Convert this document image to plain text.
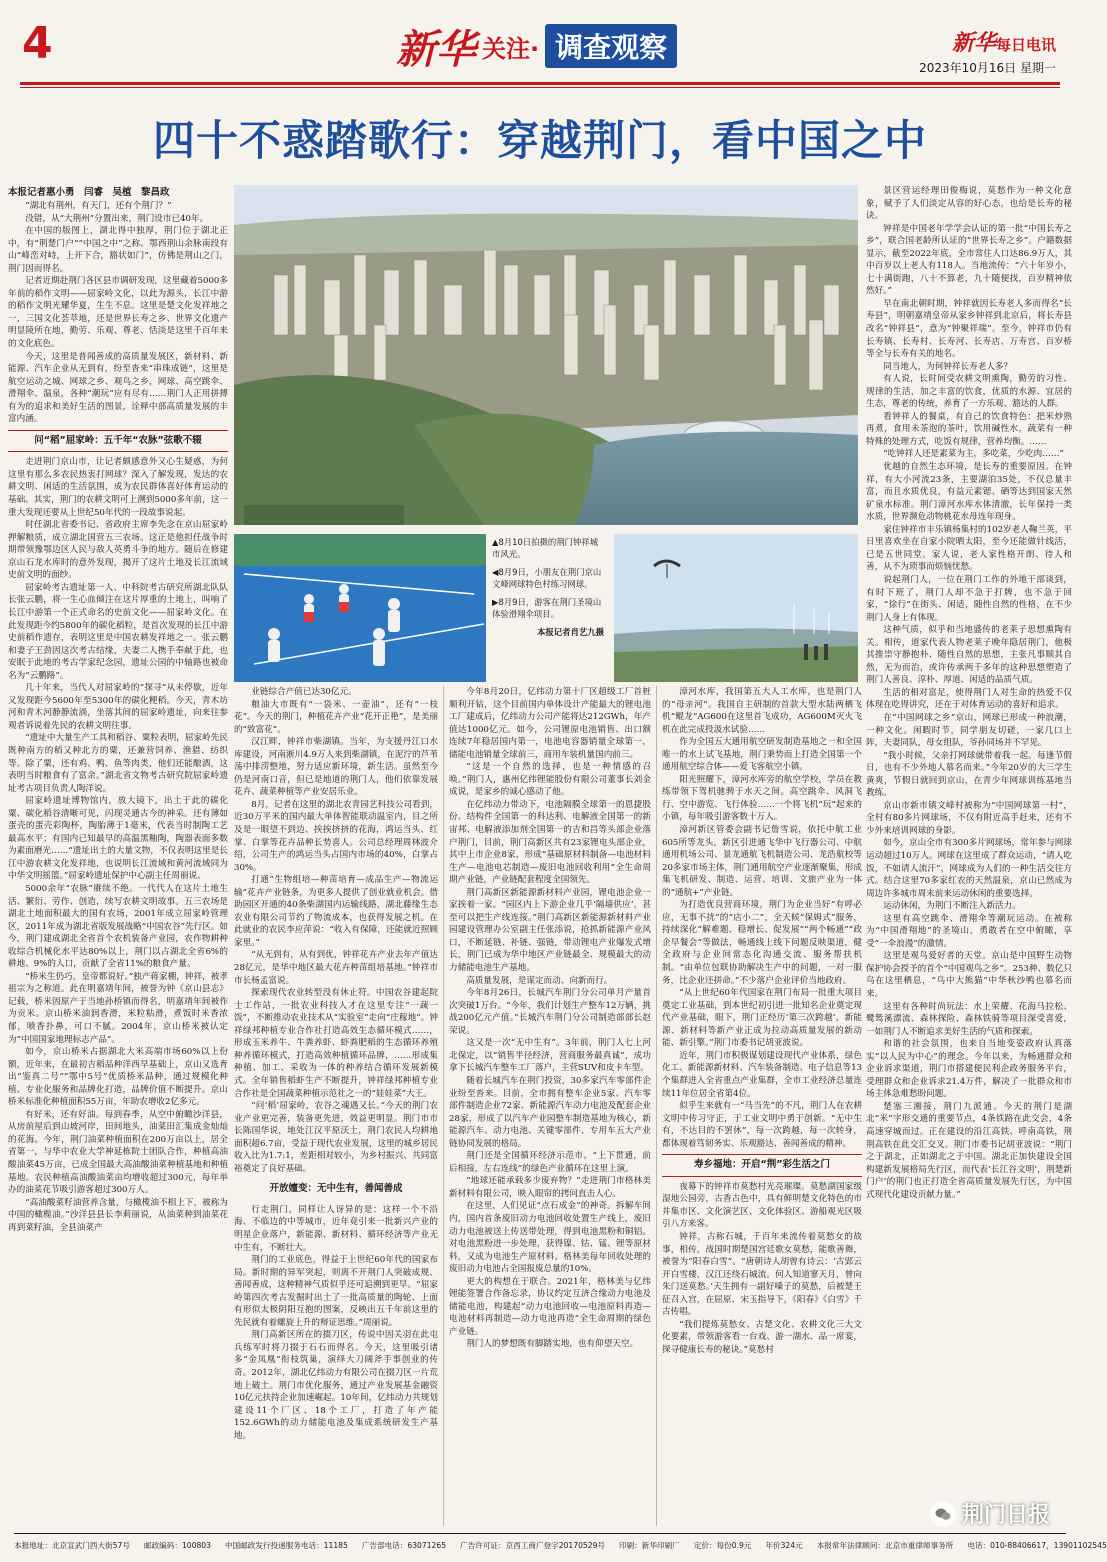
4	新华 关注· 调查观察	新华每日电讯
2023年10月16日 星期一
四十不惑踏歌行：穿越荆门，看中国之中
本报记者惠小勇　闫睿　吴植　黎昌政

“湖北有荆州，有天门，还有个荆门？”

没错，从“大荆州”分置出来，荆门设市已40年。

在中国的版图上，湖北得中独厚，荆门位于湖北正中，有“荆楚门户”“中国之中”之称。鄂西荆山余脉南段有山“峰峦对峙，上开下合，豁状如门”，仿佛是荆山之门，荆门因而得名。

记者近期赴荆门各区县市调研发现，这里藏着5000多年前的稻作文明——屈家岭文化，以此为源头，长江中游的稻作文明光耀华夏，生生不息。这里是楚文化发祥地之一，三国文化荟萃地，还是世界长寿之乡、世界文化遗产明显陵所在地，勤劳、乐观、尊老、恬淡是这里千百年来的文化底色。

今天，这里是普闻善成的高质量发展区，新材料、新能源、汽车企业从无到有，纷至沓来“串珠成链”，这里是航空运动之城、网球之乡、观鸟之乡，网球、高空跳伞、滑翔伞、温泉，各种“潮玩”应有尽有……荆门人正用拼搏有为的追求和美好生活的图景，诠释中部高质量发展的丰富内涵。

问“稻”屈家岭：五千年“农脉”弦歌不辍

走进荆门京山市，让记者颇感意外又心生疑惑，为何这里有那么多农民热衷打网球？深入了解发现，发达的农耕文明、闲适的生活氛围，成为农民群体喜好体育运动的基础。其实，荆门的农耕文明可上溯到5000多年前，这一重大发现还要从上世纪50年代的一段故事说起。

时任湖北省委书记、省政府主席李先念在京山屈家岭押解粮质，成立湖北国营五三农场。这正是他担任战争时期带领豫鄂边区人民与敌人英勇斗争的地方。随后在修建京山石龙水库时的意外发现，揭开了这片土地及长江流域史前文明的面纱。

屈家岭考古遗址第一人、中科院考古研究所湖北队队长张云鹏，将一生心血倾注在这片厚重的土地上，叫响了长江中游第一个正式命名的史前文化——屈家岭文化。在此发现距今约5800年的碳化稻粒，是首次发现的长江中游史前稻作遗存，表明这里是中国农耕发祥地之一。张云鹏和妻子王劲因这次考古结缘，夫妻二人携手奉献于此，也安眠于此地的考古学家纪念园，遗址公园的中轴路也被命名为“云鹏路”。

几十年来，当代人对屈家岭的“探寻”从未停歇，近年又发现距今5600年至5300年的碳化粳稻。今天，青木坊河和青木河静静流淌，坐落其间的屈家岭遗址，向来往参观者诉说着先民的农耕文明往事。

“遗址中大量生产工具和稻谷、粟粒表明，屈家岭先民既种南方的稻又种北方的粟，还兼营饲养、渔猎、纺织等。除了粟，还有鸡、鸭、鱼等肉类，他们还能酿酒，这表明当时粮食有了富余。”湖北省文物考古研究院屈家岭遗址考古项目负责人陶洋说。

屈家岭遗址博物馆内，放大镜下，出土于此的碳化粟、碳化稻谷清晰可见，闪现灵通古今的神采。还有薄如蛋壳的蛋壳彩陶杯，陶胎薄于1毫米，代表当时制陶工艺最高水平；有国内已知最早的高温黑釉陶，陶器表面多数为素面磨光……“遗址出土的大量文物，不仅表明这里是长江中游农耕文化发祥地，也说明长江流域和黄河流域同为中华文明摇篮。”屈家岭遗址保护中心副主任周丽说。

5000余年“农脉”赓续不绝。一代代人在这片土地生活、繁衍、劳作、创造，续写农耕文明故事。五三农场是湖北土地面积最大的国有农场，2001年成立屈家岭管理区，2011年成为湖北省版发展战略“中国农谷”先行区。如今，荆门建成湖北全省首个农机装备产业园，农作物耕种收综合机械化水平达80%以上，荆门以占湖北全省6%的耕地、9%的人口，贡献了全省11%的粮食产量。

“桥米生仍巧，皇帝都说好。”独产蒋家棚，钟祥，被孝祖宗为之称道。此在明嘉靖年间，被誉为钟《京山县志》记载，桥米因原产于当地孙桥镇而得名，明嘉靖年间被作为贡米。京山桥米油润香滑，米粒粘滑，煮饭时米香浓郁，喷香扑鼻，可口不腻。2004年，京山桥米被认定为“中国国家地理标志产品”。

如今，京山桥米占据湖北大米高端市场60%以上份额，近年来，在最初吉稻品种洋西早基础上，京山又选育出“鉴真二号”“鄂中5号”优质桥米品种，通过规模化种植、专业化服务和品牌化打造，品牌价值不断提升。京山桥米标准化种植面积55万亩，年助农增收2亿多元。

有好米，还有好油。每到春季，从空中俯瞰沙洋县，从房前屋后到山坡河岸，田间地头，油菜田汇集成金灿灿的花海。今年，荆门油菜种植面积在200万亩以上，居全省第一，与华中农业大学神延栋院士团队合作，种植高油酸油菜45万亩，已成全国最大高油酸油菜种植基地和种植基地。农民种植高油酸油菜亩均增收超过300元，每年举办的油菜花节吸引游客超过300万人。

“高油酸菜籽油营养含量，与橄榄油不相上下，被称为中国的橄榄油。”沙洋县县长李莉丽说，从油菜种到油菜花再到菜籽油，全县油菜产

▲8月10日拍摄的荆门钟祥城市风光。
◀8月9日，小朋友在荆门京山文峰网球特色村练习网球。
▶8月9日，游客在荆门圣境山体验滑翔伞项目。
本报记者肖艺九摄

业链综合产值已达30亿元。

粮油大市既有“一袋米、一壶油”，还有“一枝花”。今天的荆门，种植花卉产业“花开正艳”，是美丽的“致富花”。

汉江畔，钟祥市柴湖镇。当年，为支援丹江口水库建设，河南淅川4.9万人来到柴湖镇，在泥泞的芦苇荡中排涝整地，努力适应新环境，新生活。虽然至今仍是河南口音，但已是地道的荆门人，他们依靠发展花卉、蔬菜种植等产业安居乐业。

8月，记者在这里的湖北农青园艺科技公司看到，近30万平米的国内最大单体智能联动温室内，目之所及是一眼望不到边、挨挨挤挤的花海，鸿运当头、红掌、白掌等花卉品种长势喜人。公司总经理周林波介绍，公司生产的鸿运当头占国内市场的40%，白掌占30%。

打通“生物组培—种苗培育—成品生产—物流运输”花卉产业链条，为更多人提供了创业就业机会。借助园区开通的40条柴湖国内运输线路，湖北藤缘生态农业有限公司节约了物流成本，也获得发展之机。在此就业的农民李应萍说：“收入有保障，还能就近照顾家里。”

“从无到有，从有到优，钟祥花卉产业去年产值达28亿元，是华中地区最大花卉种苗组培基地。”钟祥市市长杨孟富说。

探索现代农业转型没有休止符。中国农谷建起院士工作站，一批农业科技人才在这里专注“一蔬一饭”，不断推动农业技术从“实验室”走向“庄稼地”。钟祥绿邦种植专业合作社打造高效生态循环模式……，形成玉米养牛、牛粪养虾、虾粪肥稻的生态循环养殖种养循环模式，打造高效种植循环品牌，……形成集种植、加工、采收为一体的种养结合循环发展新模式。全年销售稻虾生产不断提升，钟祥绿邦种植专业合作社是全国蔬菜种植示范社之一的“娃娃菜”大王。

“问‘稻’屈家岭，农谷之魂遇又长。”今天的荆门农业产业更完善，装备更先进，效益更明显。荆门市市长陈国华说，地处江汉平原沃土，荆门农民人均耕地面积超6.7亩，受益于现代农业发展，这里的城乡居民收入比为1.7:1，差距相对较小，为乡村振兴、共同富裕奠定了良好基础。

开放嬗变：无中生有，善闻善成

行走荆门，同样让人讶异的是：这样一个不沿海、不临边的中等城市，近年竟引来一批新兴产业的明星企业落户，新能源、新材料、循环经济等产业无中生有，不断壮大。

荆门的工业底色，得益于上世纪60年代的国家布局。新时期的异军突起，则离不开荆门人突破成规、善闻善成，这种精神气质似乎还可追溯到更早。“屈家岭第四次考古发掘时出土了一批高质量的陶轮、上面有形似太极阴阳互抱的图案，反映出五千年前这里的先民就有着螺旋上升的辩证思维。”周丽说。

荆门高新区所在的掇刀区，传说中因关羽在此屯兵练军时将刀掇于石石而得名。今天，这里吸引诸多“金凤凰”衔枝筑巢，演绎大刀阔斧手事创业的传奇。2012年，湖北亿纬动力有限公司在掇刀区一片荒地上破土。荆门市优化服务，通过产业发展基金融资10亿元扶持企业加速崛起。10年间，亿纬动力共规划建设11个厂区、18个工厂，打造了年产能152.6GWh的动力储能电池及集成系统研发生产基地。

今年8月20日，亿纬动力第十厂区超级工厂首桩顺利开钻，这个目前国内单体设计产能最大的锂电池工厂建成后，亿纬动力公司产能将达212GWh，年产值达1000亿元。如今，公司锂原电池销售、出口额连续7年稳居国内第一，电池电容器销量全球第一，储能电池销量全球前三，商用车装机量国内前三。

“这是一个自然的选择，也是一种情感的召唤。”荆门人，惠州亿纬锂能股份有限公司董事长刘金成说，是家乡的诚心感动了他。

在亿纬动力带动下，电池隔膜全球第一的恩捷股份、结构件全国第一的科达利、电解液全国第一的新宙邦、电解液添加剂全国第一的吉和昌等头部企业落户荆门，目前，荆门高新区共有23家锂电头部企业，其中上市企业8家，形成“基础原材料制备—电池材料生产—电池电芯制造—废旧电池回收利用”全生命周期产业链，产业链配套程度全国领先。

荆门高新区新能源新材料产业园，锂电池企业一家挨着一家。“园区内上下游企业几乎‘隔墙供应’，甚至可以把生产线连接。”荆门高新区新能源新材料产业园建设管理办公室副主任张添说，抢抓新能源产业风口，不断延链、补链、强链，带动锂电产业爆发式增长，荆门已成为华中地区产业链最全、规模最大的动力储能电池生产基地。

高质量发展，是谋定而动、向新而行。

今年8月26日，长城汽车荆门分公司单月产量首次突破1万台。“今年，我们计划生产整车12万辆，挑战200亿元产值。”长城汽车荆门分公司制造部部长赵荣说。

这又是一次“无中生有”。3年前，荆门人七上河北保定，以“销售半径经济，营商服务最真诚”，成功拿下长城汽车整车工厂落户，主营SUV和皮卡车型。

随着长城汽车在荆门投资，30多家汽车零部件企业纷至沓来。目前，全市拥有整车企业5家、汽车零部件制造企业72家、新能源汽车动力电池及配套企业28家，形成了以汽车产业园整车制造基地为核心，新能源汽车、动力电池、关键零部件、专用车五大产业链协同发展的格局。

荆门还是全国循环经济示范市。“上下贯通，前后相接，左右连线”的绿色产业循环在这里上演。

“地球还能承载多少废弃物？”走进荆门市格林美新材料有限公司，映入眼帘的拷问直击人心。

在这里，人们见证“点石成金”的神奇。拆解车间内，国内首条废旧动力电池回收处置生产线上，废旧动力电池被送上传送带处理，得到电池黑粉和铜铝。对电池黑粉进一步处理，获得镍、钴、锰、锂等原材料，又成为电池生产原材料。格林美每年回收处理的废旧动力电池占全国报废总量的10%。

更大的构想在于联合。2021年，格林美与亿纬锂能签署合作备忘录，协议约定互济合缘动力电池及储能电池，构建起“动力电池回收—电池原料再造—电池材料再制造—动力电池再造”全生命周期的绿色产业链。

荆门人的梦想既有脚踏实地，也有仰望天空。

漳河水库，我国第五大人工水库，也是荆门人的“母亲河”。我国自主研制的首款大型水陆两栖飞机“鲲龙”AG600在这里首飞成功，AG600M灭火飞机在此完成投汲水试验……

作为全国五大通用航空研发制造基地之一和全国唯一的水上试飞基地，荆门秉势而上打造全国第一个通用航空综合体——爱飞客航空小镇。

阳光照耀下，漳河水库旁的航空学校，学员在教练带领下驾机驰骋于水天之间。高空跳伞、风洞飞行、空中游览、飞行体验……一个将飞机“玩”起来的小镇，每年吸引游客数十万人。

漳河新区管委会副书记詹雪说，依托中航工业605所等龙头，新区引进通飞华中飞行器公司、中航通用机场公司、景龙通航飞机制造公司、龙浩航校等20多家市场主体，荆门通用航空产业逐渐聚集，形成集飞机研发、制造、运营、培训、文旅产业为一体的“通航+”产业链。

为打造优良营商环境，荆门为企业当好“有呼必应，无事不扰”的“店小二”，全天候“保姆式”服务，持续深化“解难题、稳增长、促发展”“两个畅通”“政企早餐会”等做法，畅通线上线下问题反映渠道，健全政府与企业间常态化沟通交流、服务帮扶机制。“由单位包联协助解决生产中的问题，一对一服务，比企业还拼命。”不少落户企业评价当地政府。

“从上世纪60年代国家在荆门布局一批重大项目奠定工业基础，到本世纪初引进一批知名企业奠定现代产业基础，眼下，荆门正经历‘第三次跨越’，新能源、新材料等新产业正成为拉动高质量发展的新动能、新引擎。”荆门市委书记胡亚波说。

近年，荆门市积极谋划建设现代产业体系，绿色化工、新能源新材料、汽车装备制造、电子信息等13个集群进入全省重点产业集群，全市工业经济总量连续11年位居全省第4位。

似乎生来就有一“马当先”的不凡，荆门人在农耕文明中传习守正，于工业文明中勇于创新。“无中生有，不达目的不罢休”，每一次跨越，每一次转身，都体现着笃韧务实、乐观豁达、善闻善成的精神。

寿乡福地：开启“荆”彩生活之门

夜幕下的钟祥市莫愁村光亮璀璨。莫愁湖国家级湿地公园旁，古香古色中，具有鲜明楚文化特色的市井集市区、文化演艺区、文化体验区、游船观光区吸引八方来客。

钟祥，古称石城，千百年来流传着莫愁女的故事，相传，战国时期楚国宫廷歌女莫愁，能歌善舞，被誉为“阳春白雪”。“唐朝诗人胡曾有诗云：‘古郢云开白雪楼，汉江还绕石城流。何人知道寥天月，曾向朱门送莫愁。’天生拥有一副好嗓子的莫愁，后被楚王征召入宫，在屈原、宋玉指导下，《阳春》《白雪》千古传唱。

“我们提炼莫愁女、古楚文化、农耕文化三大文化要素，带领游客看一台戏、游一湖水、品一席宴，探寻健康长寿的秘诀。”莫愁村

景区营运经理田俊梅说，莫愁作为一种文化意象，赋予了人们淡定从容的好心态，也给是长寿的秘诀。

钟祥是中国老年学学会认证的第一批“中国长寿之乡”，联合国老龄所认证的“世界长寿之乡”。户籍数据显示，截至2022年底，全市常住人口达86.9万人，其中百岁以上老人有118人。当地流传：“六十年岁小，七十满街跑，八十不算老，九十随便找，百岁精神依然好。”

早在南北朝时期，钟祥就因长寿老人多而得名“长寿县”，明朝嘉靖皇帝从家乡钟祥到北京后，将长寿县改名“钟祥县”，意为“钟聚祥瑞”。至今，钟祥市仍有长寿镇、长寿村、长寿河、长寿店、万寿宫、百岁桥等全与长寿有关的地名。

同当地人，为何钟祥长寿老人多？

有人说，长时间受农耕文明熏陶，勤劳的习性、规律的生活，加之丰富的饮食，优质的水源、宜居的生态，尊老的传统，养育了一方乐观、豁达的人群。

看钟祥人的餐桌，有自己的饮食特色：把米炒熟再煮，食用未茶泡的茶叶，饮用碱性水，蔬菜有一种特殊的处理方式，吃饭有规律，营养均衡。……

“吃钟祥人还是素菜为主，多吃菜，少吃肉……”

优越的自然生态环境，是长寿的重要原因。在钟祥，有大小河流23条，主要湖泊35处，不仅总量丰富，而且水质优良，有益元素锶、硒等达到国家天然矿泉水标准。荆门漳河水库水体清澈，长年保持一类水质，世界濒危动物桃花水母连年现身。

家住钟祥市丰乐镇杨集村的102岁老人鞠兰英，平日里喜欢坐在自家小院晒太阳，至今还能做针线活，已是五世同堂。家人说，老人家性格开朗、待人和善，从不为琐事而烦恼忧愁。

说起荆门人，一位在荆门工作的外地干部谈到，有时下班了，荆门人却不急于打牌，也不急于回家，“徐行”在街头、闲适，随性自然的性格，在不少荆门人身上有体现。

这种气质，似乎和当地盛传的老莱子思想熏陶有关。相传，道家代表人物老莱子晚年隐居荆门，他极其推崇守静抱朴、随性自然的思想，主张凡事顺其自然，无为而治，或许传承两千多年的这种思想塑造了荆门人善良、淳朴、厚道、闲适的品质气质。

生活的相对富足，使得荆门人对生命的热爱不仅体现在吃得讲究，还在于对体育运动的喜好和追求。

在“中国网球之乡”京山，网球已形成一种浪潮，一种文化。闲暇时节，同学朋友切磋，一家几口上阵，夫妻同队，母女组队，爷孙同场并不罕见。

“我小时候，父亲打网球就带着我一起。每逢节假日，也有不少外地人慕名而来。”今年20岁的大三学生黄爽，节假日就回到京山，在青少年网球训练基地当教练。

京山市新市镇文峰村被称为“中国网球第一村”，全村有80多片网球场，不仅有附近高手赶来，还有不少外来培训网球的身影。

如今，京山全市有300多片网球场，常年参与网球运动超过10万人。网球在这里成了群众运动，“请人吃饭，不如请人流汗”，网球成为人们的一种生活交往方式。结合这里70多家红农的天然温泉，京山已然成为周边许多城市周末前来运动休闲的重要选择。

运动休闲，为荆门不断注入新活力。

这里有高空跳伞、滑翔伞等潮玩运动。在被称为“中国滑翔地”的圣境山，勇敢者在空中俯瞰，享受“一伞浪漫”的激情。

这里是观鸟爱好者的天堂。京山是中国野生动物保护协会授予的首个“中国观鸟之乡”。253种、数亿只鸟在这里栖息，“鸟中大熊猫”中华秋沙鸭也慕名而来。

这里有各种时尚玩法：水上荣耀、花海马拉松、鹭鸶溪漂流、森林探险、森林铁骑等项目深受喜爱，一如荆门人不断追求美好生活的气质和探索。

和谐的社会氛围，也来自当地变姿政府认真落实“以人民为中心”的理念。今年以来，为畅通群众和企业诉求渠道，荆门市搭建便民利企政务服务平台，受理群众和企业诉求21.4万件，解决了一批群众和市场主体急难愁盼问题。

楚塞三湘接，荆门九派通。今天的荆门是湖北“米”字形交通的重要节点，4条铁路在此交会，4条高速穿城而过。正在建设的沿江高铁、呼南高铁，荆荆高铁在此交汇交叉。荆门市委书记胡亚波说：“荆门之于湖北，正如湖北之于中国。湖北正加快建设全国构建新发展格局先行区，而代表‘长江谷文明’，荆楚新门户’的荆门也正打造全省高质量发展先行区，为中国式现代化建设贡献力量。”

本报地址：北京宣武门西大街57号 邮政编码：100803 中国邮政发行投递服务电话：11185 广告部电话：63071265 广告许可证：京西工商广登字20170529号 印刷：新华印刷厂 定价：每份0.9元 年价324元 本报常年法律顾问：北京市重律师事务所 电话：010-88406617，13901102545
荆门日报
